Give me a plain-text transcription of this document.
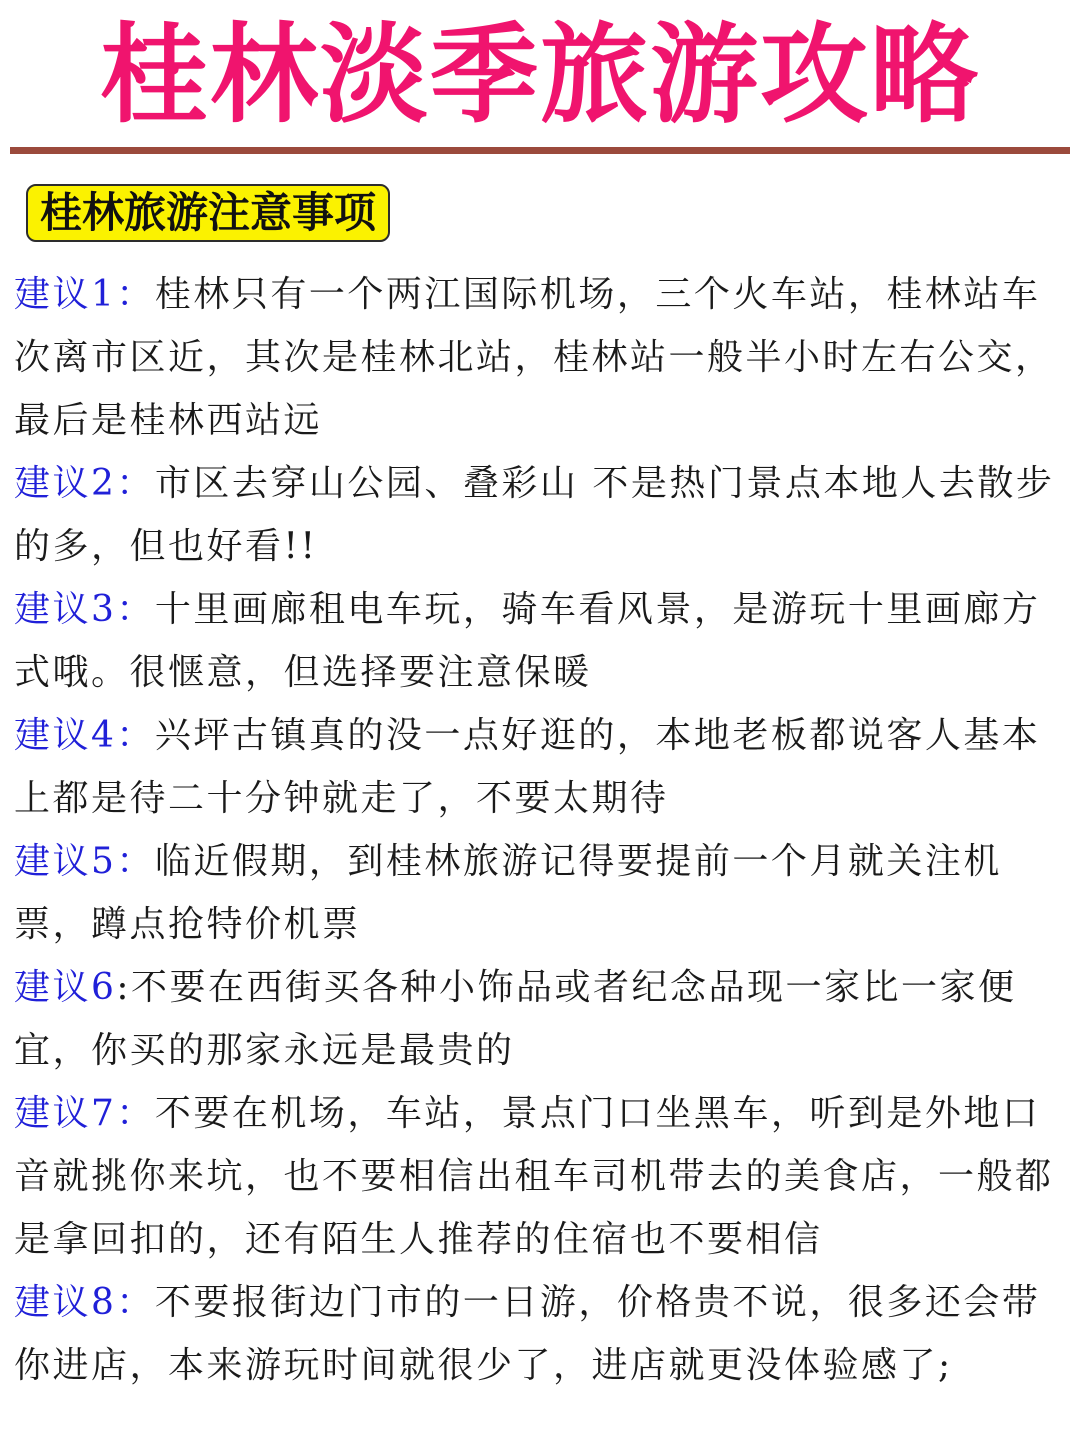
桂林淡季旅游攻略
桂林旅游注意事项
建议1：桂林只有一个两江国际机场，三个火车站，桂林站车次离市区近，其次是桂林北站，桂林站一般半小时左右公交，最后是桂林西站远
建议2：市区去穿山公园、叠彩山 不是热门景点本地人去散步的多，但也好看!!
建议3：十里画廊租电车玩，骑车看风景，是游玩十里画廊方式哦。很惬意，但选择要注意保暖
建议4：兴坪古镇真的没一点好逛的，本地老板都说客人基本上都是待二十分钟就走了，不要太期待
建议5：临近假期，到桂林旅游记得要提前一个月就关注机票，蹲点抢特价机票
建议6:不要在西街买各种小饰品或者纪念品现一家比一家便宜，你买的那家永远是最贵的
建议7：不要在机场，车站，景点门口坐黑车，听到是外地口音就挑你来坑，也不要相信出租车司机带去的美食店，一般都是拿回扣的，还有陌生人推荐的住宿也不要相信
建议8：不要报街边门市的一日游，价格贵不说，很多还会带你进店，本来游玩时间就很少了，进店就更没体验感了;
